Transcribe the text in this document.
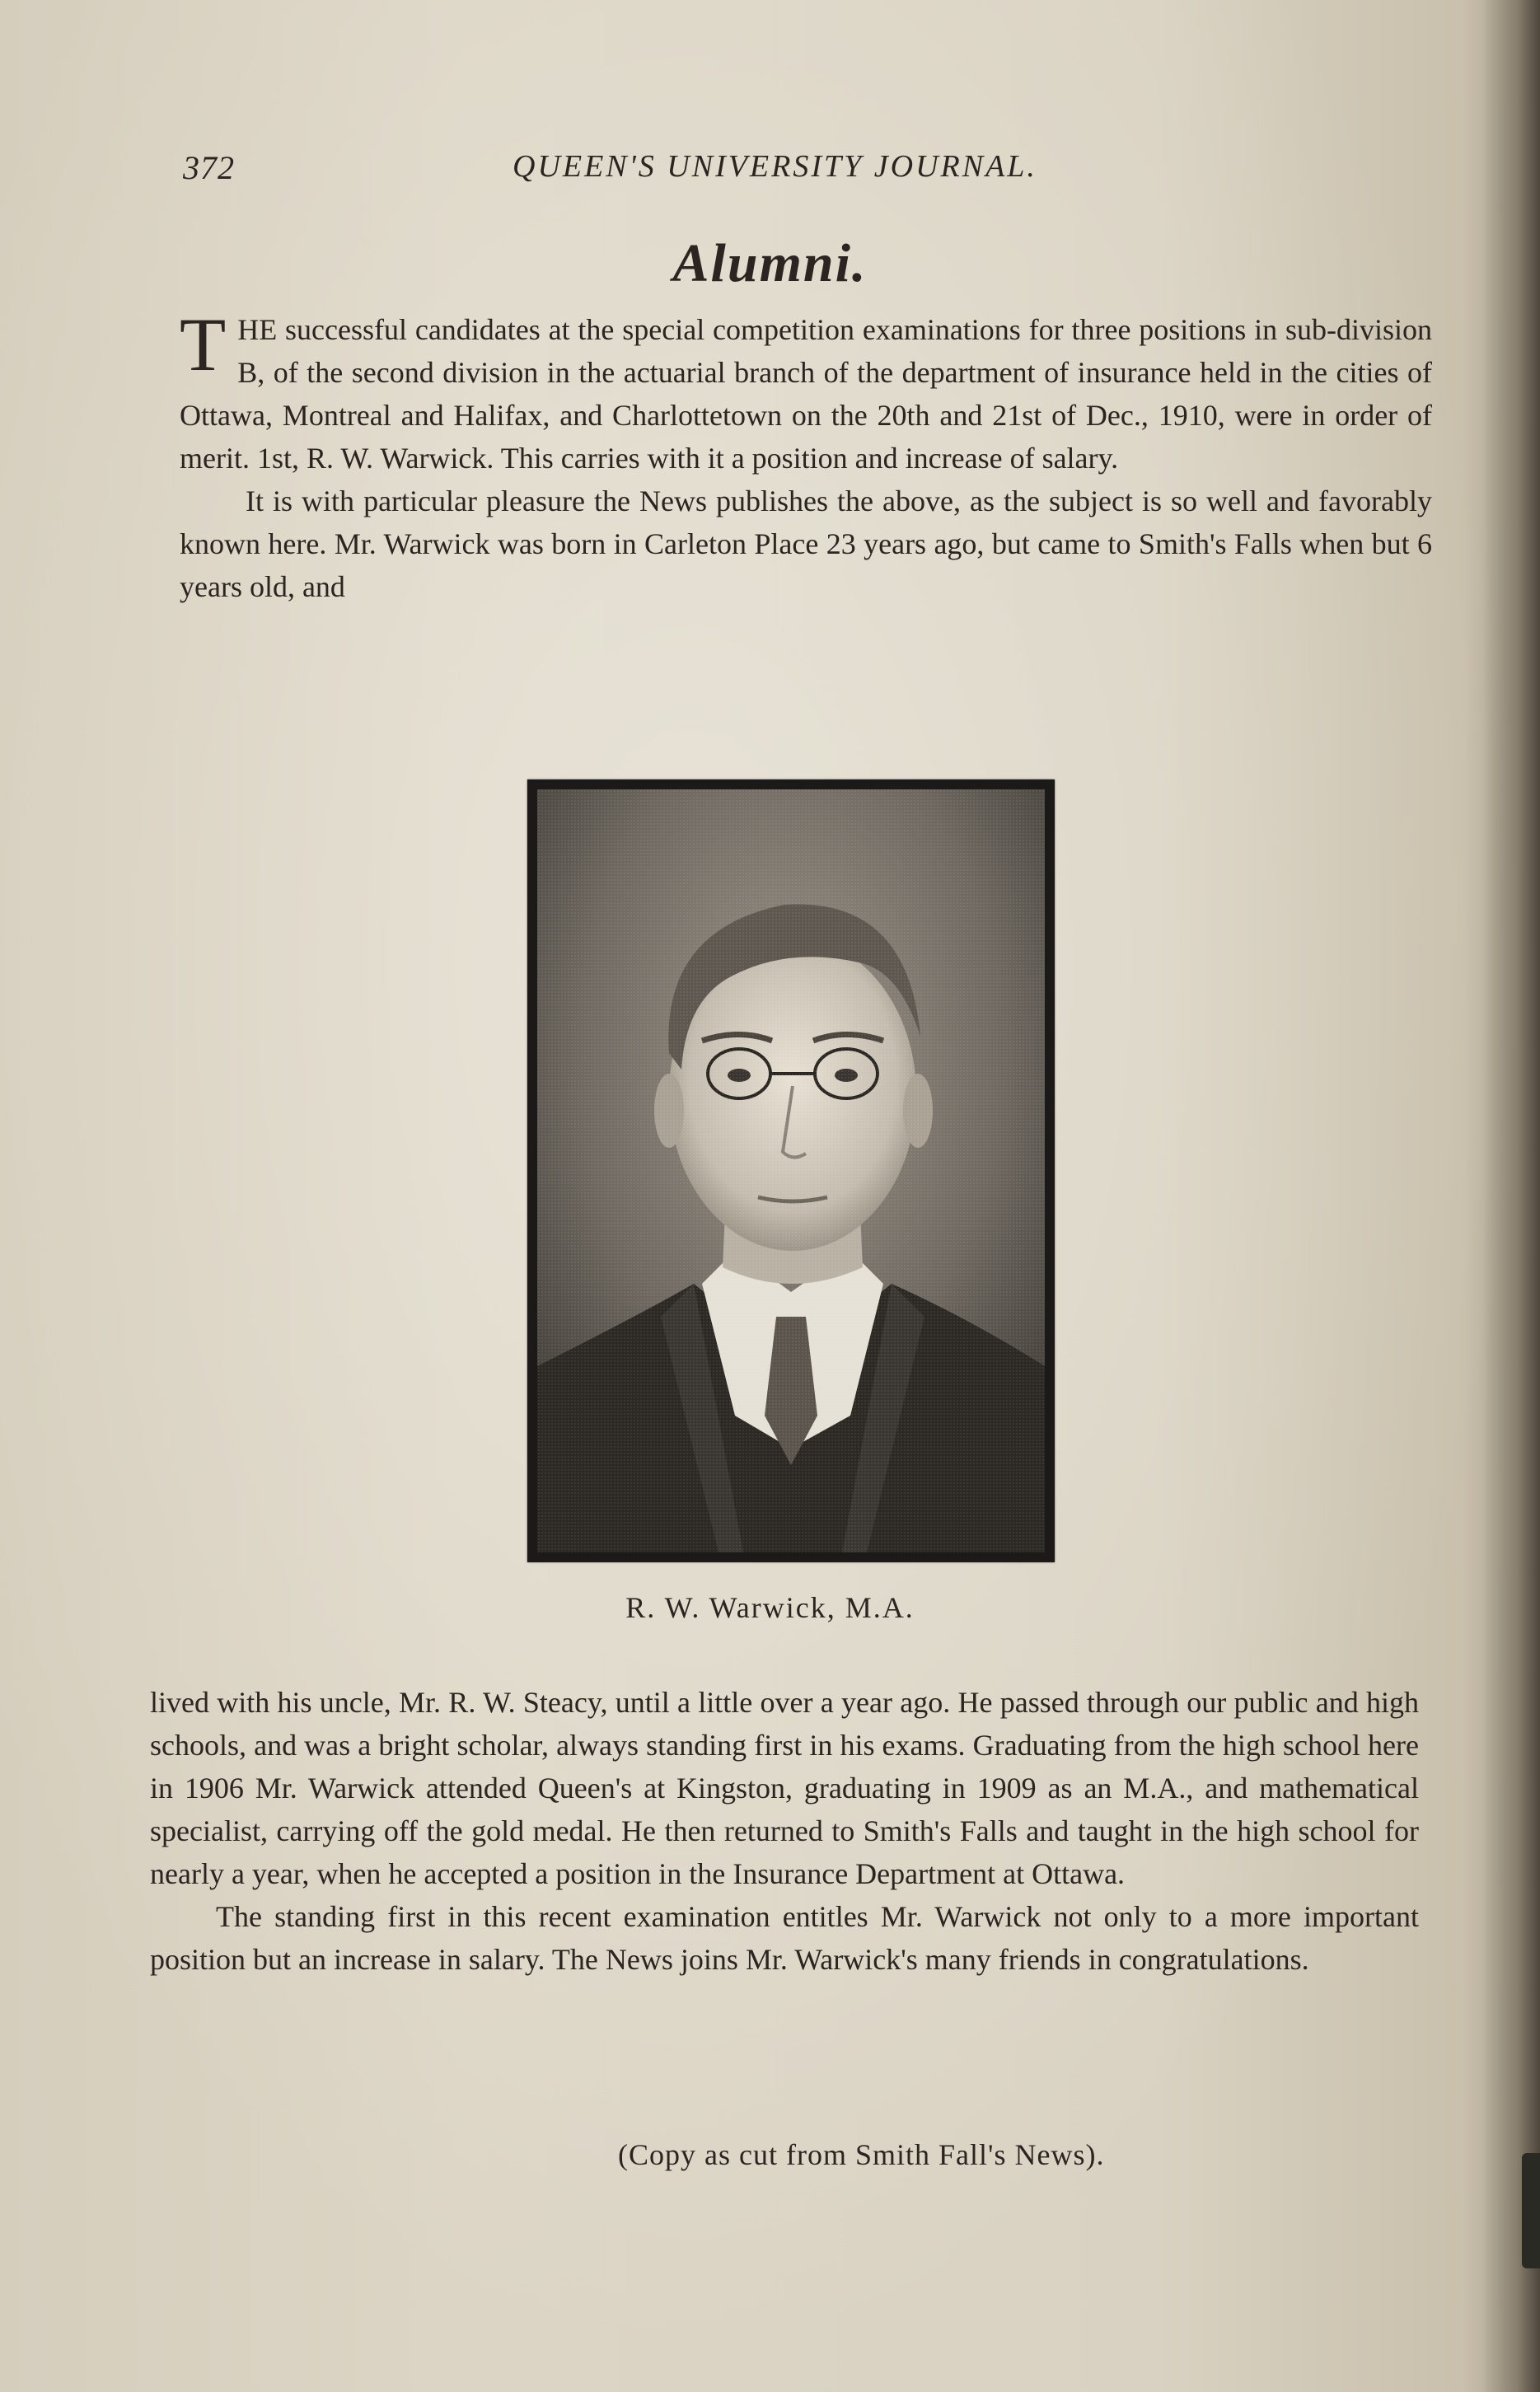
372	QUEEN'S UNIVERSITY JOURNAL.
Alumni.

THE successful candidates at the special competition examinations for three positions in sub-division B, of the second division in the actuarial branch of the department of insurance held in the cities of Ottawa, Montreal and Halifax, and Charlottetown on the 20th and 21st of Dec., 1910, were in order of merit. 1st, R. W. Warwick. This carries with it a position and increase of salary.

It is with particular pleasure the News publishes the above, as the subject is so well and favorably known here. Mr. Warwick was born in Carleton Place 23 years ago, but came to Smith's Falls when but 6 years old, and

R. W. Warwick, M.A.

lived with his uncle, Mr. R. W. Steacy, until a little over a year ago. He passed through our public and high schools, and was a bright scholar, always standing first in his exams. Graduating from the high school here in 1906 Mr. Warwick attended Queen's at Kingston, graduating in 1909 as an M.A., and mathematical specialist, carrying off the gold medal. He then returned to Smith's Falls and taught in the high school for nearly a year, when he accepted a position in the Insurance Department at Ottawa.

The standing first in this recent examination entitles Mr. Warwick not only to a more important position but an increase in salary. The News joins Mr. Warwick's many friends in congratulations.

(Copy as cut from Smith Fall's News).
